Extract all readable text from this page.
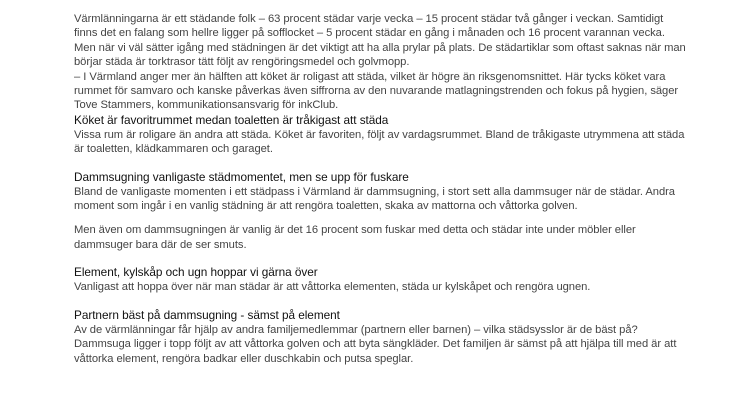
Värmlänningarna är ett städande folk – 63 procent städar varje vecka – 15 procent städar två gånger i veckan. Samtidigt finns det en falang som hellre ligger på sofflocket – 5 procent städar en gång i månaden och 16 procent varannan vecka. Men när vi väl sätter igång med städningen är det viktigt att ha alla prylar på plats. De städartiklar som oftast saknas när man börjar städa är torktrasor tätt följt av rengöringsmedel och golvmopp.

– I Värmland anger mer än hälften att köket är roligast att städa, vilket är högre än riksgenomsnittet. Här tycks köket vara rummet för samvaro och kanske påverkas även siffrorna av den nuvarande matlagningstrenden och fokus på hygien, säger Tove Stammers, kommunikationsansvarig för inkClub.

Köket är favoritrummet medan toaletten är tråkigast att städa

Vissa rum är roligare än andra att städa. Köket är favoriten, följt av vardagsrummet. Bland de tråkigaste utrymmena att städa är toaletten, klädkammaren och garaget.

Dammsugning vanligaste städmomentet, men se upp för fuskare

Bland de vanligaste momenten i ett städpass i Värmland är dammsugning, i stort sett alla dammsuger när de städar. Andra moment som ingår i en vanlig städning är att rengöra toaletten, skaka av mattorna och våttorka golven.

Men även om dammsugningen är vanlig är det 16 procent som fuskar med detta och städar inte under möbler eller dammsuger bara där de ser smuts.

Element, kylskåp och ugn hoppar vi gärna över

Vanligast att hoppa över när man städar är att våttorka elementen, städa ur kylskåpet och rengöra ugnen.

Partnern bäst på dammsugning - sämst på element

Av de värmlänningar får hjälp av andra familjemedlemmar (partnern eller barnen) – vilka städsysslor är de bäst på? Dammsuga ligger i topp följt av att våttorka golven och att byta sängkläder. Det familjen är sämst på att hjälpa till med är att våttorka element, rengöra badkar eller duschkabin och putsa speglar.
